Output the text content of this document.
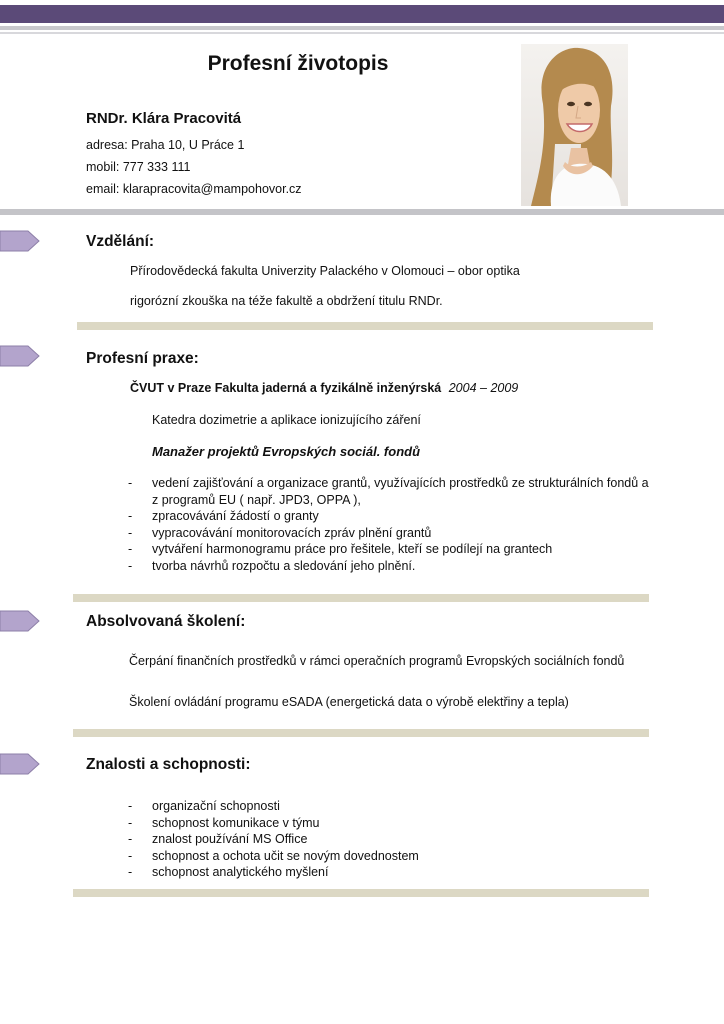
Profesní životopis

RNDr. Klára Pracovitá

adresa: Praha 10, U Práce 1

mobil: 777 333 111

email: klarapracovita@mampohovor.cz

Vzdělání:

Přírodovědecká fakulta Univerzity Palackého v Olomouci – obor optika

rigorózní zkouška na téže fakultě a obdržení titulu RNDr.

Profesní praxe:

ČVUT v Praze Fakulta jaderná a fyzikálně inženýrská 2004 – 2009

Katedra dozimetrie a aplikace ionizujícího záření

Manažer projektů Evropských sociál. fondů

- vedení zajišťování a organizace grantů, využívajících prostředků ze strukturálních fondů a
z programů EU ( např. JPD3, OPPA ),
- zpracovávání žádostí o granty
- vypracovávání monitorovacích zpráv plnění grantů
- vytváření harmonogramu práce pro řešitele, kteří se podílejí na grantech
- tvorba návrhů rozpočtu a sledování jeho plnění.
Absolvovaná školení:

Čerpání finančních prostředků v rámci operačních programů Evropských sociálních fondů

Školení ovládání programu eSADA (energetická data o výrobě elektřiny a tepla)

Znalosti a schopnosti:
- organizační schopnosti
- schopnost komunikace v týmu
- znalost používání MS Office
- schopnost a ochota učit se novým dovednostem
- schopnost analytického myšlení
